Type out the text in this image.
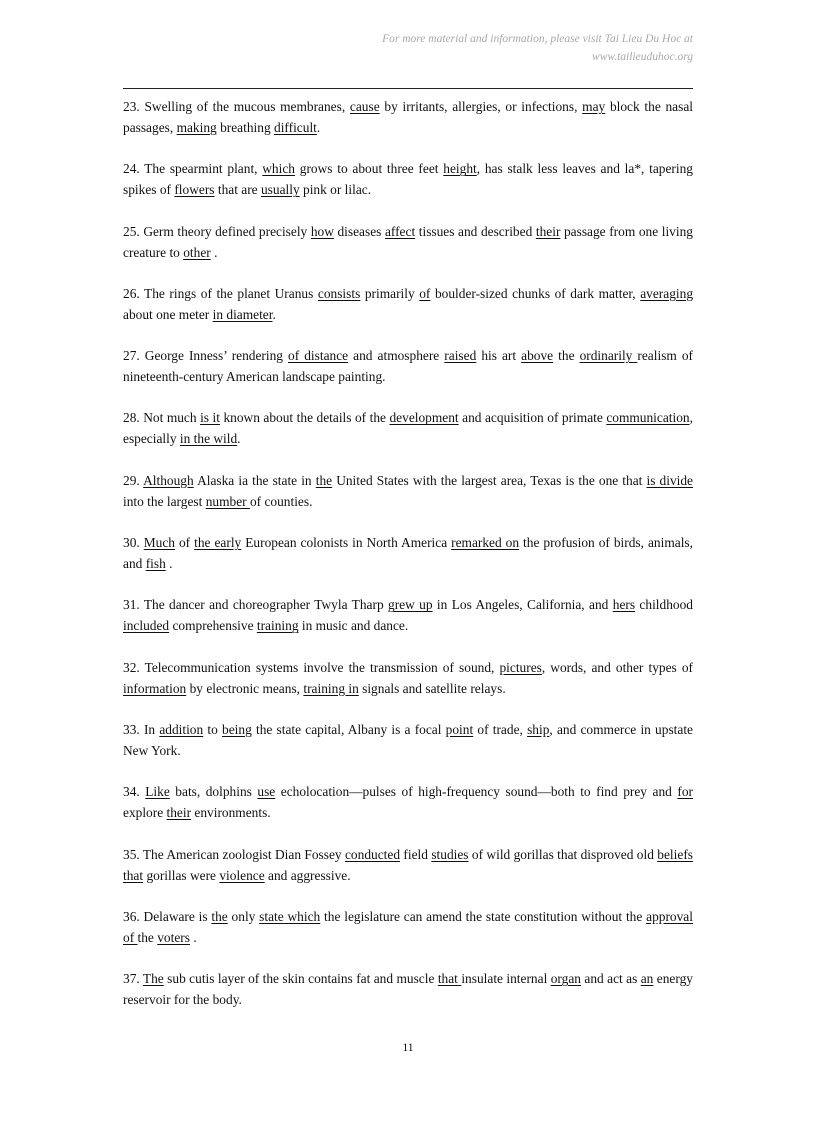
For more material and information, please visit Tai Lieu Du Hoc at
www.tailieuduhoc.org

23. Swelling of the mucous membranes, cause by irritants, allergies, or infections, may block the nasal passages, making breathing difficult.

24. The spearmint plant, which grows to about three feet height, has stalk less leaves and la*, tapering spikes of flowers that are usually pink or lilac.

25. Germ theory defined precisely how diseases affect tissues and described their passage from one living creature to other .

26. The rings of the planet Uranus consists primarily of boulder-sized chunks of dark matter, averaging about one meter in diameter.

27. George Inness’ rendering of distance and atmosphere raised his art above the ordinarily realism of nineteenth-century American landscape painting.

28. Not much is it known about the details of the development and acquisition of primate communication, especially in the wild.

29. Although Alaska ia the state in the United States with the largest area, Texas is the one that is divide into the largest number of counties.

30. Much of the early European colonists in North America remarked on the profusion of birds, animals, and fish .

31. The dancer and choreographer Twyla Tharp grew up in Los Angeles, California, and hers childhood included comprehensive training in music and dance.

32. Telecommunication systems involve the transmission of sound, pictures, words, and other types of information by electronic means, training in signals and satellite relays.

33. In addition to being the state capital, Albany is a focal point of trade, ship, and commerce in upstate New York.

34. Like bats, dolphins use echolocation—pulses of high-frequency sound—both to find prey and for explore their environments.

35. The American zoologist Dian Fossey conducted field studies of wild gorillas that disproved old beliefs that gorillas were violence and aggressive.

36. Delaware is the only state which the legislature can amend the state constitution without the approval of the voters .

37. The sub cutis layer of the skin contains fat and muscle that insulate internal organ and act as an energy reservoir for the body.

11
